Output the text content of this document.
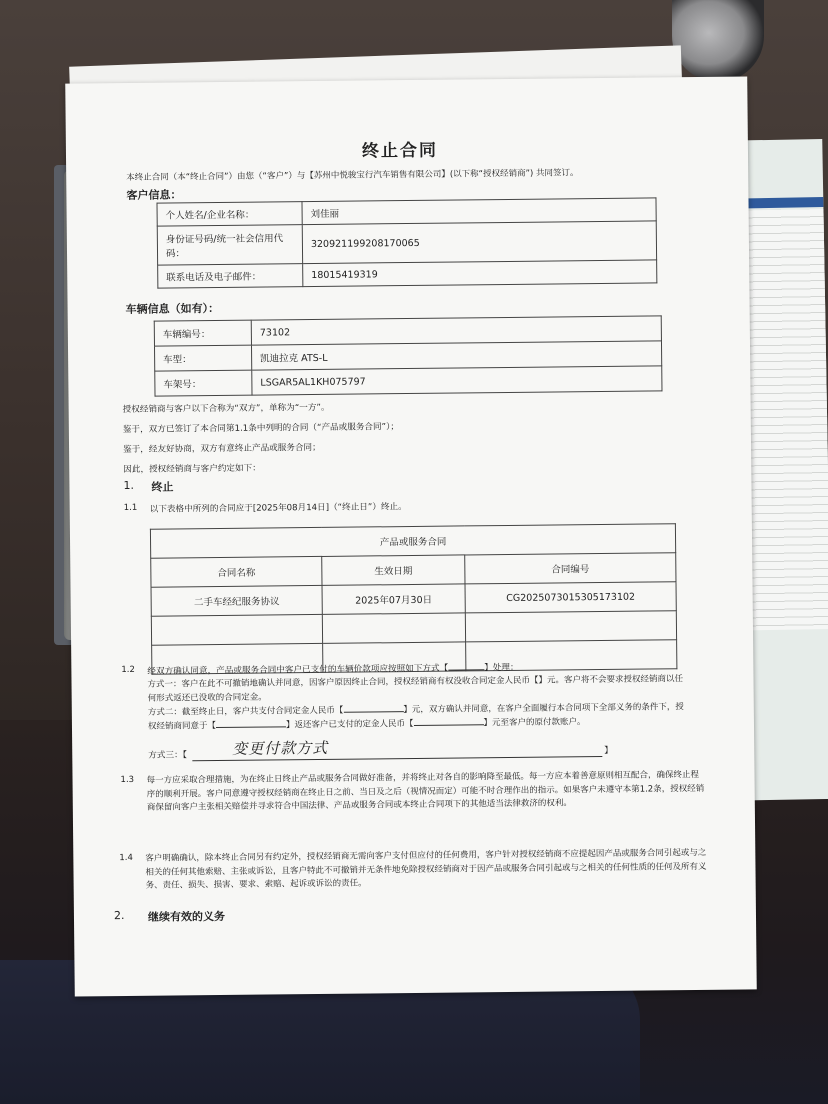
终止合同
本终止合同（本“终止合同”）由您（“客户”）与【苏州中悦骏宝行汽车销售有限公司】(以下称“授权经销商”) 共同签订。
客户信息：
个人姓名/企业名称：	刘佳丽
身份证号码/统一社会信用代码：	320921199208170065
联系电话及电子邮件：	18015419319
车辆信息（如有）：
车辆编号：	73102
车型：	凯迪拉克 ATS-L
车架号：	LSGAR5AL1KH075797
授权经销商与客户以下合称为“双方”，单称为“一方”。
鉴于，双方已签订了本合同第1.1条中列明的合同（“产品或服务合同”）；
鉴于，经友好协商，双方有意终止产品或服务合同；
因此，授权经销商与客户约定如下：
1. 终止
1.1 以下表格中所列的合同应于[2025年08月14日]（“终止日”）终止。
产品或服务合同		
合同名称	生效日期	合同编号
二手车经纪服务协议	2025年07月30日	CG2025073015305173102

1.2 经双方确认同意，产品或服务合同中客户已支付的车辆价款项应按照如下方式【	】处理：
方式一：客户在此不可撤销地确认并同意，因客户原因终止合同，授权经销商有权没收合同定金人民币【】元。客户将不会要求授权经销商以任何形式返还已没收的合同定金。
方式二：截至终止日，客户共支付合同定金人民币【	】元，双方确认并同意，在客户全面履行本合同项下全部义务的条件下，授权经销商同意于【	】返还客户已支付的定金人民币【	】元至客户的原付款账户。
方式三：【	变更付款方式	】
1.3 每一方应采取合理措施，为在终止日终止产品或服务合同做好准备，并将终止对各自的影响降至最低。每一方应本着善意原则相互配合，确保终止程序的顺利开展。客户同意遵守授权经销商在终止日之前、当日及之后（视情况而定）可能不时合理作出的指示。如果客户未遵守本第1.2条，授权经销商保留向客户主张相关赔偿并寻求符合中国法律、产品或服务合同或本终止合同项下的其他适当法律救济的权利。
1.4 客户明确确认，除本终止合同另有约定外，授权经销商无需向客户支付但应付的任何费用，客户针对授权经销商不应提起因产品或服务合同引起或与之相关的任何其他索赔、主张或诉讼，且客户特此不可撤销并无条件地免除授权经销商对于因产品或服务合同引起或与之相关的任何性质的任何及所有义务、责任、损失、损害、要求、索赔、起诉或诉讼的责任。
2. 继续有效的义务
